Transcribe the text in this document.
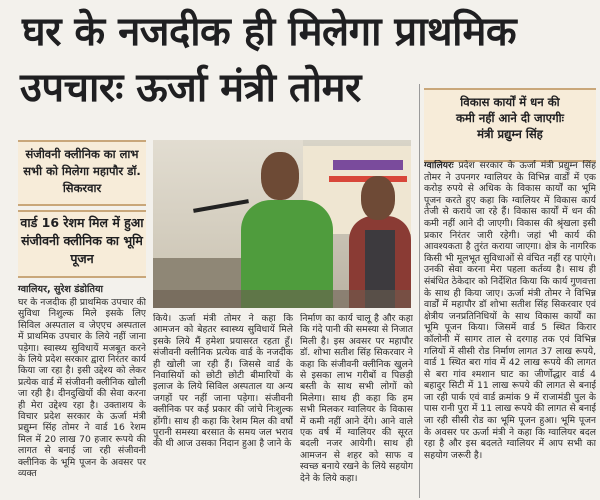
घर के नजदीक ही मिलेगा प्राथमिक
उपचारः ऊर्जा मंत्री तोमर
संजीवनी क्लीनिक का लाभ सभी को मिलेगा महापौर डॉ. सिकरवार
वार्ड 16 रेशम मिल में हुआ संजीवनी क्लीनिक का भूमि पूजन
ग्वालियर, सुरेश डंडोतिया

घर के नजदीक ही प्राथमिक उपचार की सुविधा निशुल्क मिले इसके लिए सिविल अस्पताल व जेएएच अस्पताल में प्राथमिक उपचार के लिये नहीं जाना पड़ेगा। स्वास्थ्य सुविधायें मजबूत करने के लिये प्रदेश सरकार द्वारा निरंतर कार्य किया जा रहा है। इसी उद्देश्य को लेकर प्रत्येक वार्ड में संजीवनी क्लीनिक खोली जा रही है। दीनदुखियों की सेवा करना ही मेरा उद्देश्य रहा है। उक्ताशय के विचार प्रदेश सरकार के ऊर्जा मंत्री प्रद्युम्न सिंह तोमर ने वार्ड 16 रेशम मिल में 20 लाख 70 हजार रूपये की लागत से बनाई जा रही संजीवनी क्लीनिक के भूमि पूजन के अवसर पर व्यक्त

किये। ऊर्जा मंत्री तोमर ने कहा कि आमजन को बेहतर स्वास्थ्य सुविधायें मिले इसके लिये मैं हमेशा प्रयासरत रहता हूँ। संजीवनी क्लीनिक प्रत्येक वार्ड के नजदीक ही खोली जा रही हैं। जिससे वार्ड के निवासियों को छोटी छोटी बीमारियों के इलाज के लिये सिविल अस्पताल या अन्य जगहों पर नहीं जाना पड़ेगा। संजीवनी क्लीनिक पर कई प्रकार की जांचे निःशुल्क होंगी। साथ ही कहा कि रेशम मिल की वर्षों पुरानी समस्या बरसात के समय जल भराव की थी आज उसका निदान हुआ है जाने के

निर्माण का कार्य चालू है और कहा कि गंदे पानी की समस्या से निजात मिली है। इस अवसर पर महापौर डॉ. शोभा सतीश सिंह सिकरवार ने कहा कि संजीवनी क्लीनिक खुलने से इसका लाभ गरीबों व पिछड़ी बस्ती के साथ सभी लोगों को मिलेगा। साथ ही कहा कि हम सभी मिलकर ग्वालियर के विकास में कमी नहीं आने देंगे। आने वाले एक वर्ष में ग्वालियर की सूरत बदली नजर आयेगी। साथ ही आमजन से शहर को साफ व स्वच्छ बनाये रखने के लिये सहयोग देने के लिये कहा।

विकास कार्यों में धन की
कमी नहीं आने दी जाएगीः
मंत्री प्रद्युम्न सिंह
ग्वालियरः प्रदेश सरकार के ऊर्जा मंत्री प्रद्युम्न सिंह तोमर ने उपनगर ग्वालियर के विभिन्न वार्डों में एक करोड़ रुपये से अधिक के विकास कार्यों का भूमि पूजन करते हुए कहा कि ग्वालियर में विकास कार्य तेजी से कराये जा रहे हैं। विकास कार्यों में धन की कमी नहीं आने दी जाएगी। विकास की श्रृंखला इसी प्रकार निरंतर जारी रहेगी। जहां भी कार्य की आवश्यकता है तुरंत कराया जाएगा। क्षेत्र के नागरिक किसी भी मूलभूत सुविधाओं से वंचित नहीं रह पाएंगे। उनकी सेवा करना मेरा पहला कर्तव्य है। साथ ही संबंधित ठेकेदार को निर्देशित किया कि कार्य गुणवत्ता के साथ ही किया जाए। ऊर्जा मंत्री तोमर ने विभिन्न वार्डों में महापौर डॉ शोभा सतीश सिंह सिकरवार एवं क्षेत्रीय जनप्रतिनिधियों के साथ विकास कार्यों का भूमि पूजन किया। जिसमें वार्ड 5 स्थित किरार कॉलोनी में सागर ताल से दरगाह तक एवं विभिन्न गलियों में सीसी रोड निर्माण लागत 37 लाख रूपये, वार्ड 1 स्थित बरा गांव में 42 लाख रूपये की लागत से बरा गांव श्मशान घाट का जीर्णोद्धार वार्ड 4 बहादुर सिटी में 11 लाख रूपये की लागत से बनाई जा रही पार्क एवं वार्ड क्रमांक 9 में राजामंडी पुल के पास रानी पुरा में 11 लाख रूपये की लागत से बनाई जा रही सीसी रोड का भूमि पूजन हुआ। भूमि पूजन के अवसर पर ऊर्जा मंत्री ने कहा कि ग्वालियर बदल रहा है और इस बदलते ग्वालियर में आप सभी का सहयोग जरूरी है।
